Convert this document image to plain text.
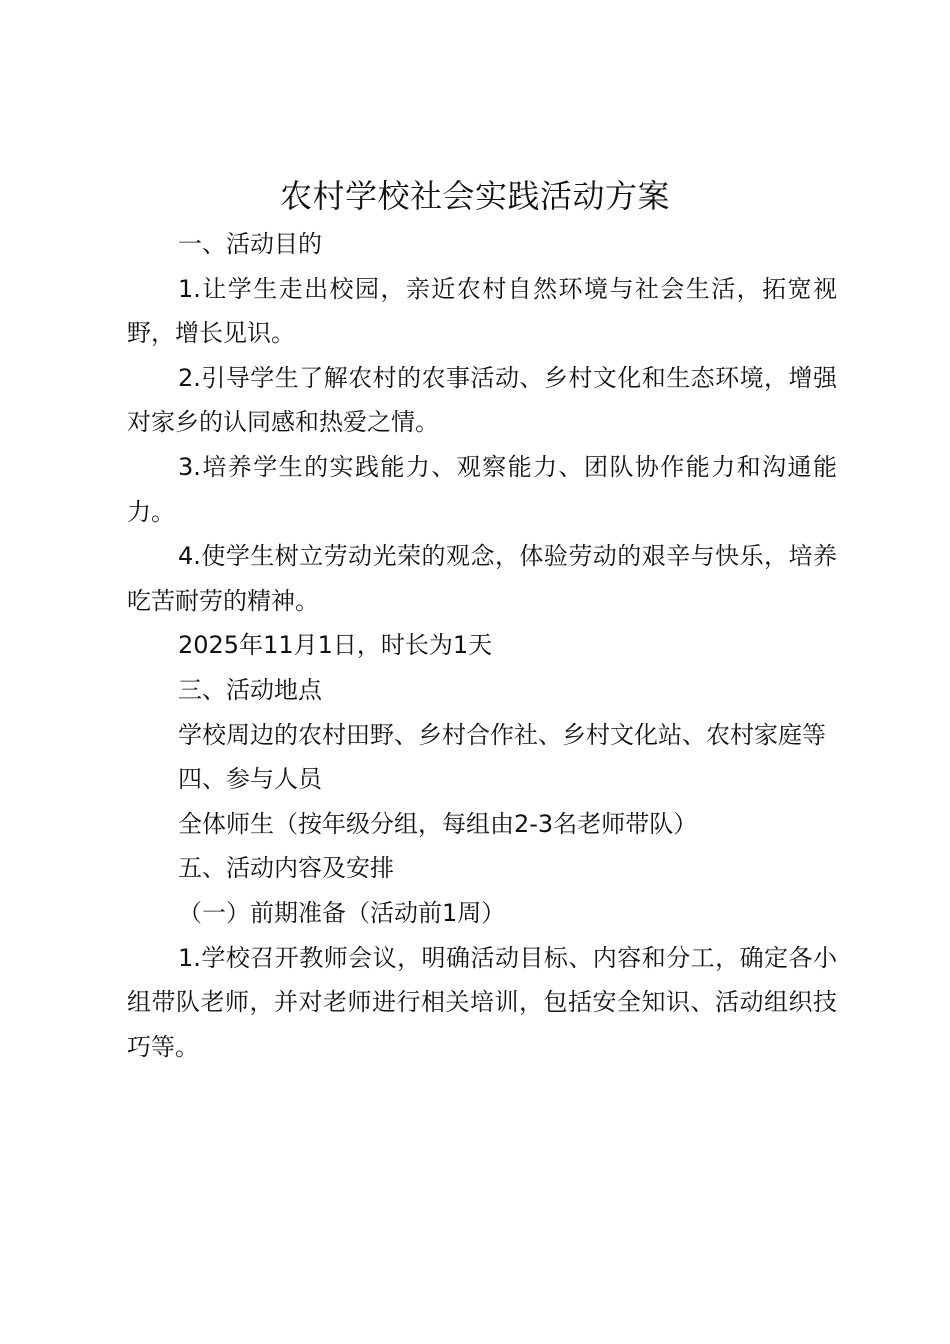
农村学校社会实践活动方案

一、活动目的

1.让学生走出校园，亲近农村自然环境与社会生活，拓宽视野，增长见识。

2.引导学生了解农村的农事活动、乡村文化和生态环境，增强对家乡的认同感和热爱之情。

3.培养学生的实践能力、观察能力、团队协作能力和沟通能力。

4.使学生树立劳动光荣的观念，体验劳动的艰辛与快乐，培养吃苦耐劳的精神。

2025年11月1日，时长为1天

三、活动地点

学校周边的农村田野、乡村合作社、乡村文化站、农村家庭等

四、参与人员

全体师生（按年级分组，每组由2-3名老师带队）

五、活动内容及安排

（一）前期准备（活动前1周）

1.学校召开教师会议，明确活动目标、内容和分工，确定各小组带队老师，并对老师进行相关培训，包括安全知识、活动组织技巧等。
